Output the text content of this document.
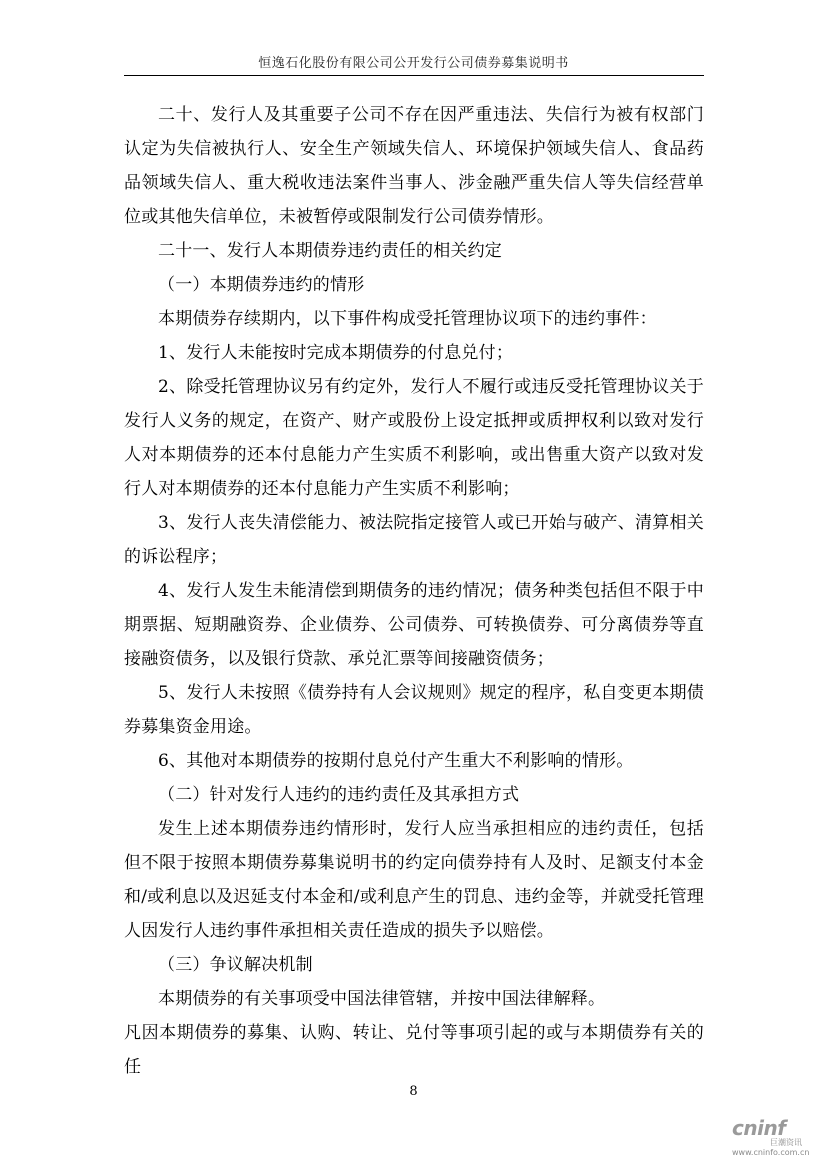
恒逸石化股份有限公司公开发行公司债券募集说明书

二十、发行人及其重要子公司不存在因严重违法、失信行为被有权部门认定为失信被执行人、安全生产领域失信人、环境保护领域失信人、食品药品领域失信人、重大税收违法案件当事人、涉金融严重失信人等失信经营单位或其他失信单位，未被暂停或限制发行公司债券情形。

二十一、发行人本期债券违约责任的相关约定

（一）本期债券违约的情形

本期债券存续期内，以下事件构成受托管理协议项下的违约事件：

1、发行人未能按时完成本期债券的付息兑付；

2、除受托管理协议另有约定外，发行人不履行或违反受托管理协议关于发行人义务的规定，在资产、财产或股份上设定抵押或质押权利以致对发行人对本期债券的还本付息能力产生实质不利影响，或出售重大资产以致对发行人对本期债券的还本付息能力产生实质不利影响；

3、发行人丧失清偿能力、被法院指定接管人或已开始与破产、清算相关的诉讼程序；

4、发行人发生未能清偿到期债务的违约情况；债务种类包括但不限于中期票据、短期融资券、企业债券、公司债券、可转换债券、可分离债券等直接融资债务，以及银行贷款、承兑汇票等间接融资债务；

5、发行人未按照《债券持有人会议规则》规定的程序，私自变更本期债券募集资金用途。

6、其他对本期债券的按期付息兑付产生重大不利影响的情形。

（二）针对发行人违约的违约责任及其承担方式

发生上述本期债券违约情形时，发行人应当承担相应的违约责任，包括但不限于按照本期债券募集说明书的约定向债券持有人及时、足额支付本金和/或利息以及迟延支付本金和/或利息产生的罚息、违约金等，并就受托管理人因发行人违约事件承担相关责任造成的损失予以赔偿。

（三）争议解决机制

本期债券的有关事项受中国法律管辖，并按中国法律解释。

凡因本期债券的募集、认购、转让、兑付等事项引起的或与本期债券有关的任

8
cninf
巨潮资讯
www.cninfo.com.cn
